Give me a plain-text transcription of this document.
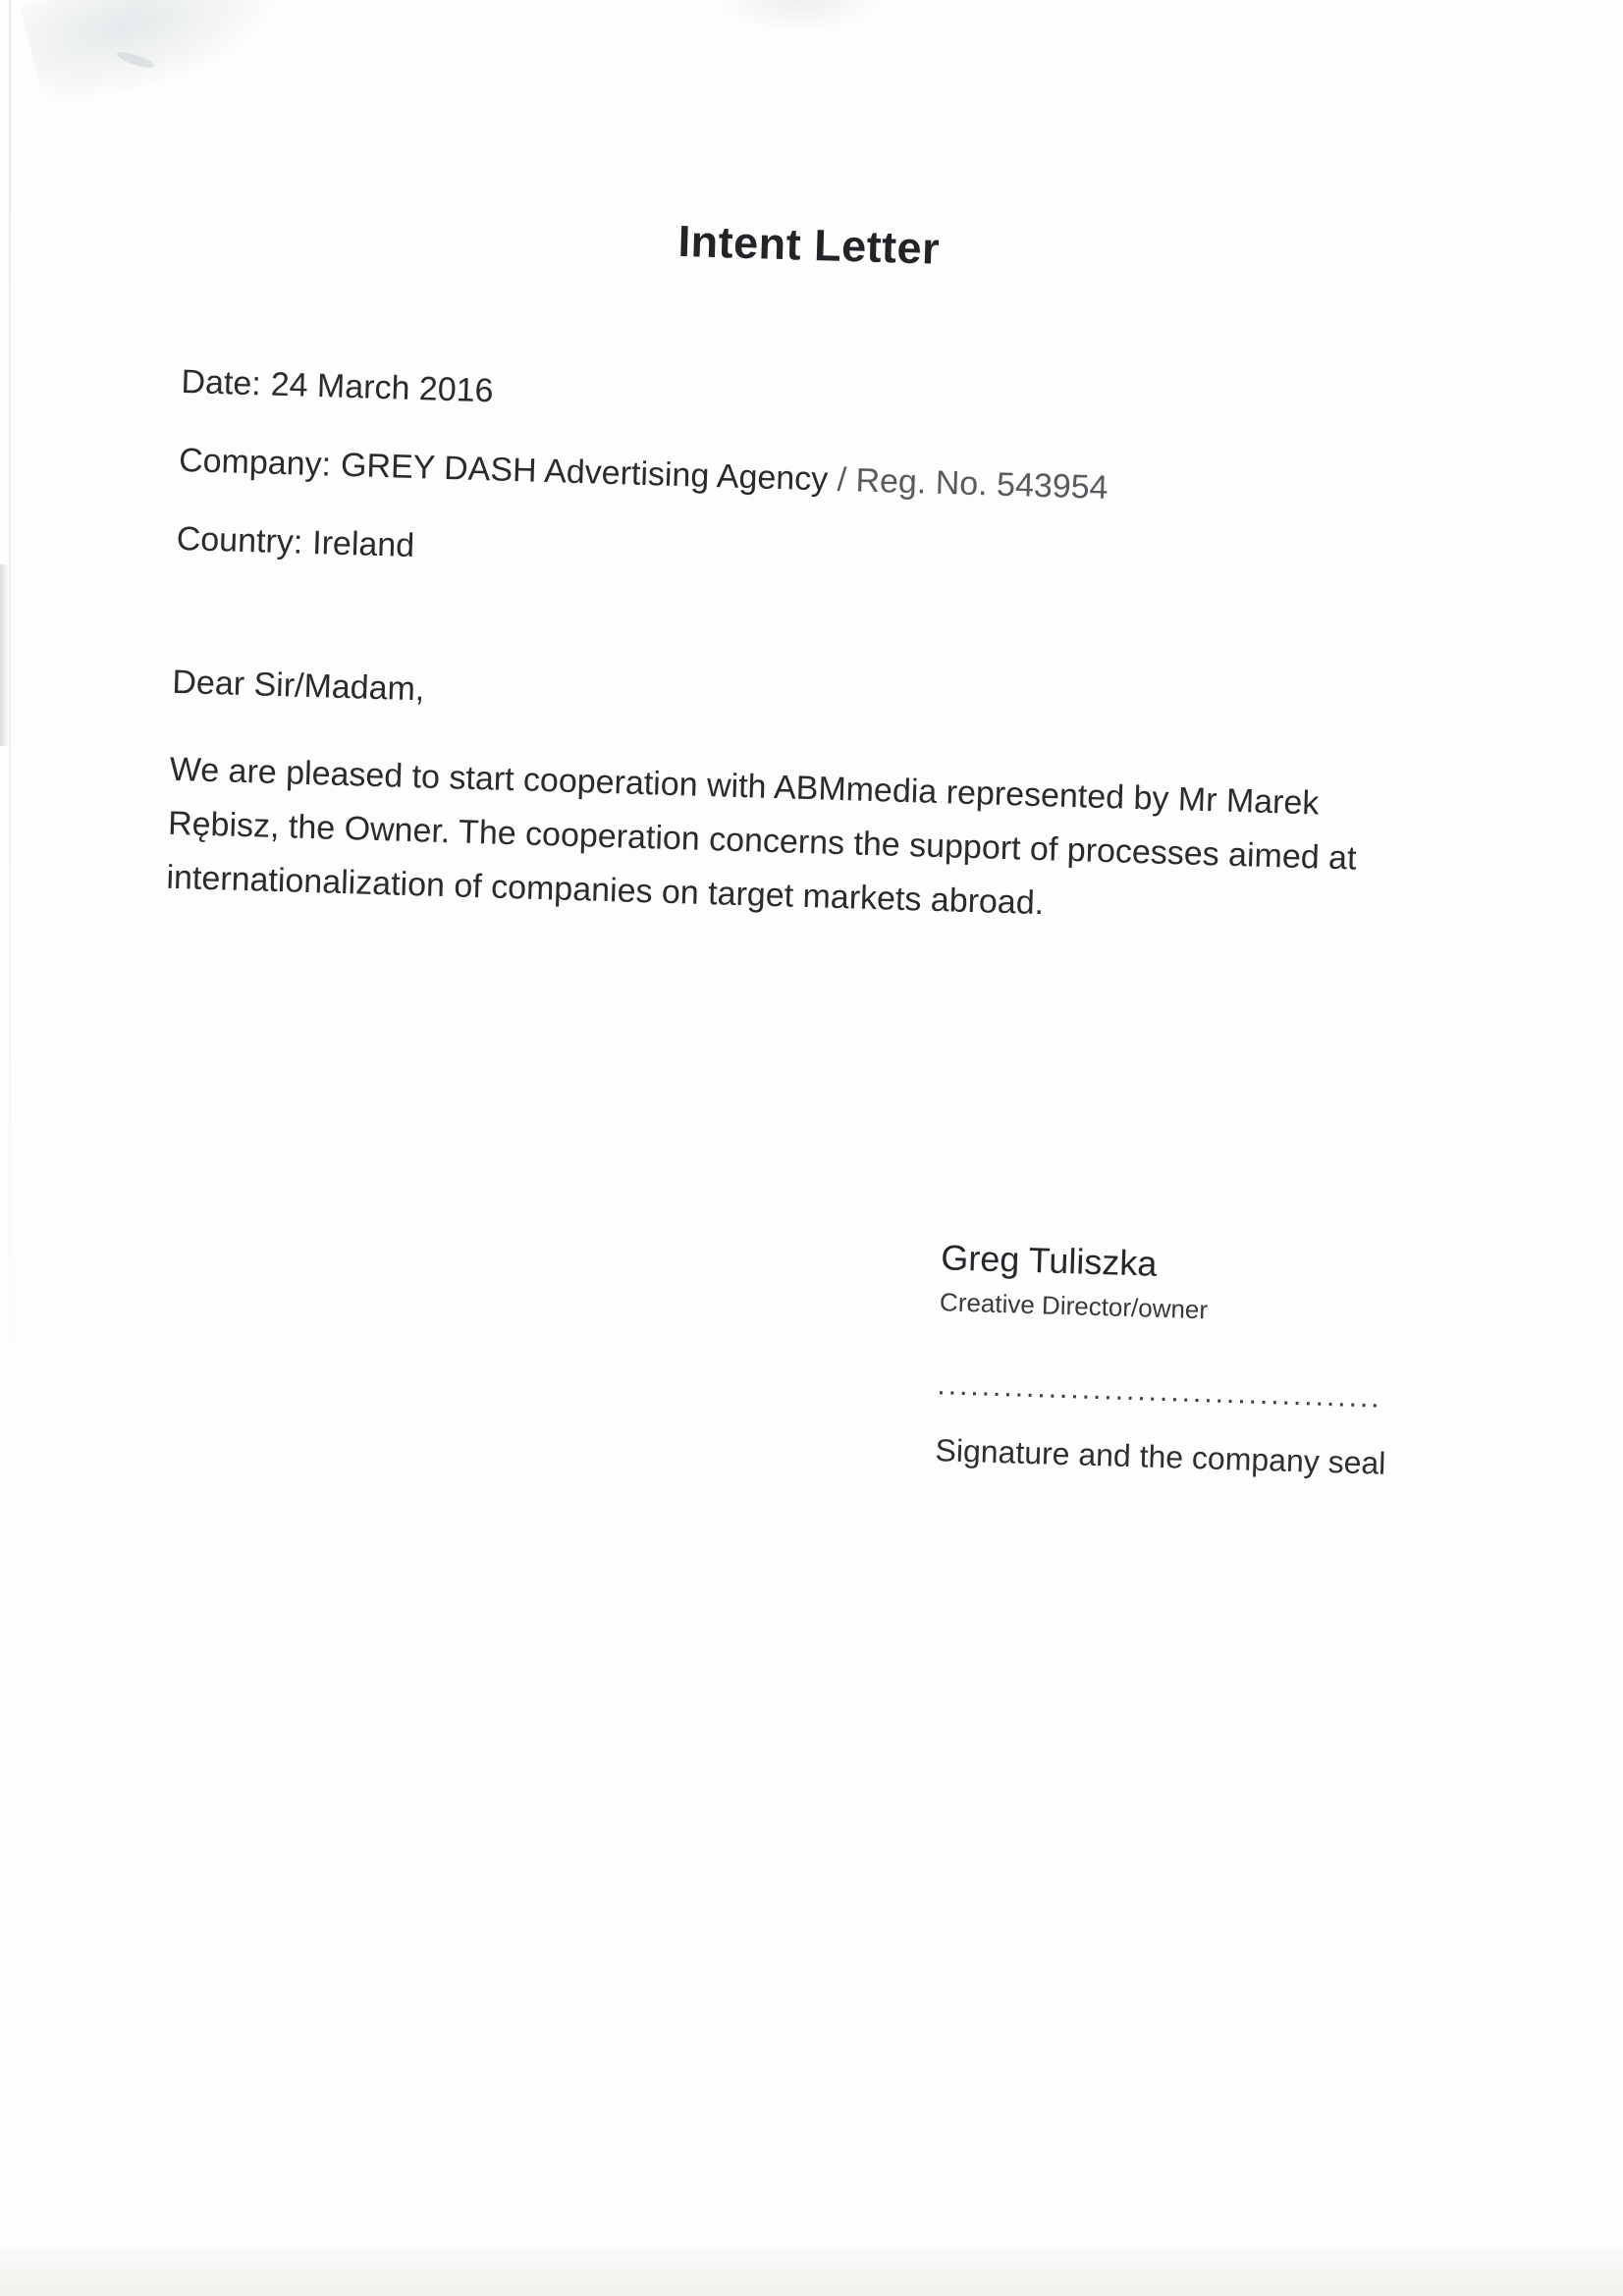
Intent Letter

Date: 24 March 2016

Company: GREY DASH Advertising Agency / Reg. No. 543954

Country: Ireland

Dear Sir/Madam,

We are pleased to start cooperation with ABMmedia represented by Mr Marek Rębisz, the Owner. The cooperation concerns the support of processes aimed at internationalization of companies on target markets abroad.

Greg Tuliszka
Creative Director/owner
........................................
Signature and the company seal
